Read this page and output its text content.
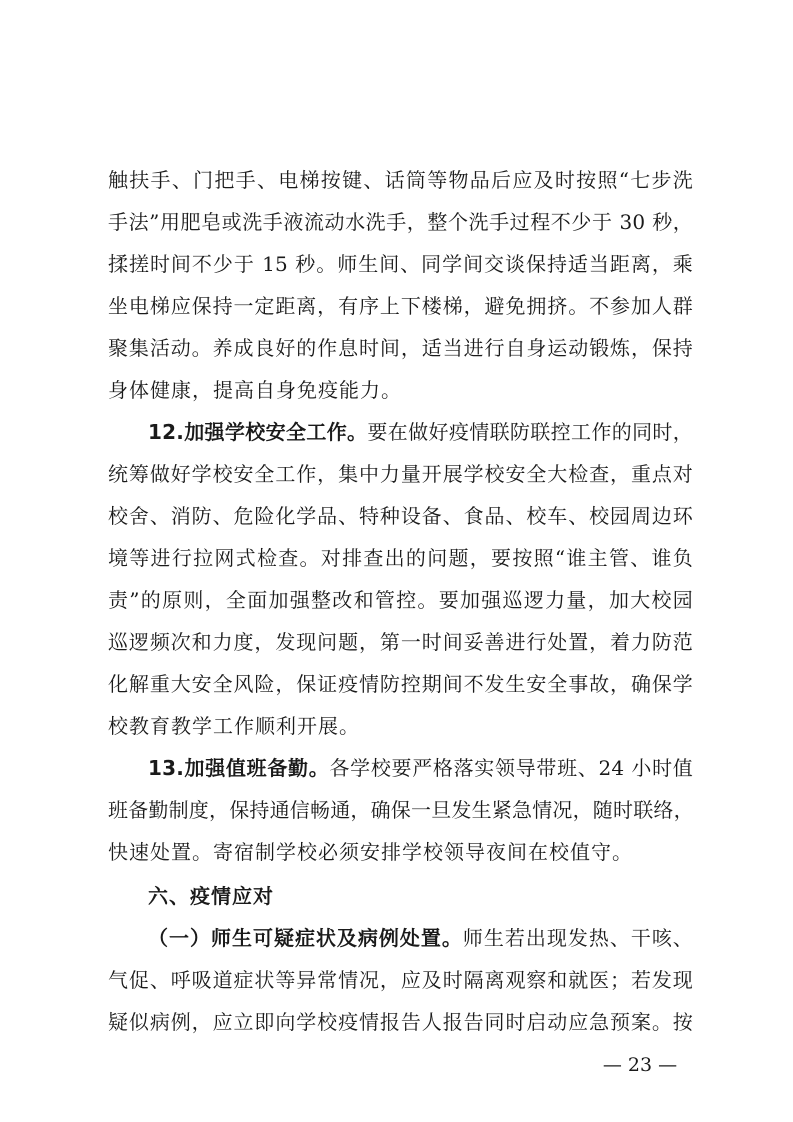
触扶手、门把手、电梯按键、话筒等物品后应及时按照“七步洗
手法”用肥皂或洗手液流动水洗手，整个洗手过程不少于 30 秒，
揉搓时间不少于 15 秒。师生间、同学间交谈保持适当距离，乘
坐电梯应保持一定距离，有序上下楼梯，避免拥挤。不参加人群
聚集活动。养成良好的作息时间，适当进行自身运动锻炼，保持
身体健康，提高自身免疫能力。
12.加强学校安全工作。要在做好疫情联防联控工作的同时，
统筹做好学校安全工作，集中力量开展学校安全大检查，重点对
校舍、消防、危险化学品、特种设备、食品、校车、校园周边环
境等进行拉网式检查。对排查出的问题，要按照“谁主管、谁负
责”的原则，全面加强整改和管控。要加强巡逻力量，加大校园
巡逻频次和力度，发现问题，第一时间妥善进行处置，着力防范
化解重大安全风险，保证疫情防控期间不发生安全事故，确保学
校教育教学工作顺利开展。
13.加强值班备勤。各学校要严格落实领导带班、24 小时值
班备勤制度，保持通信畅通，确保一旦发生紧急情况，随时联络，
快速处置。寄宿制学校必须安排学校领导夜间在校值守。
六、疫情应对
（一）师生可疑症状及病例处置。师生若出现发热、干咳、
气促、呼吸道症状等异常情况，应及时隔离观察和就医；若发现
疑似病例，应立即向学校疫情报告人报告同时启动应急预案。按
— 23 —
